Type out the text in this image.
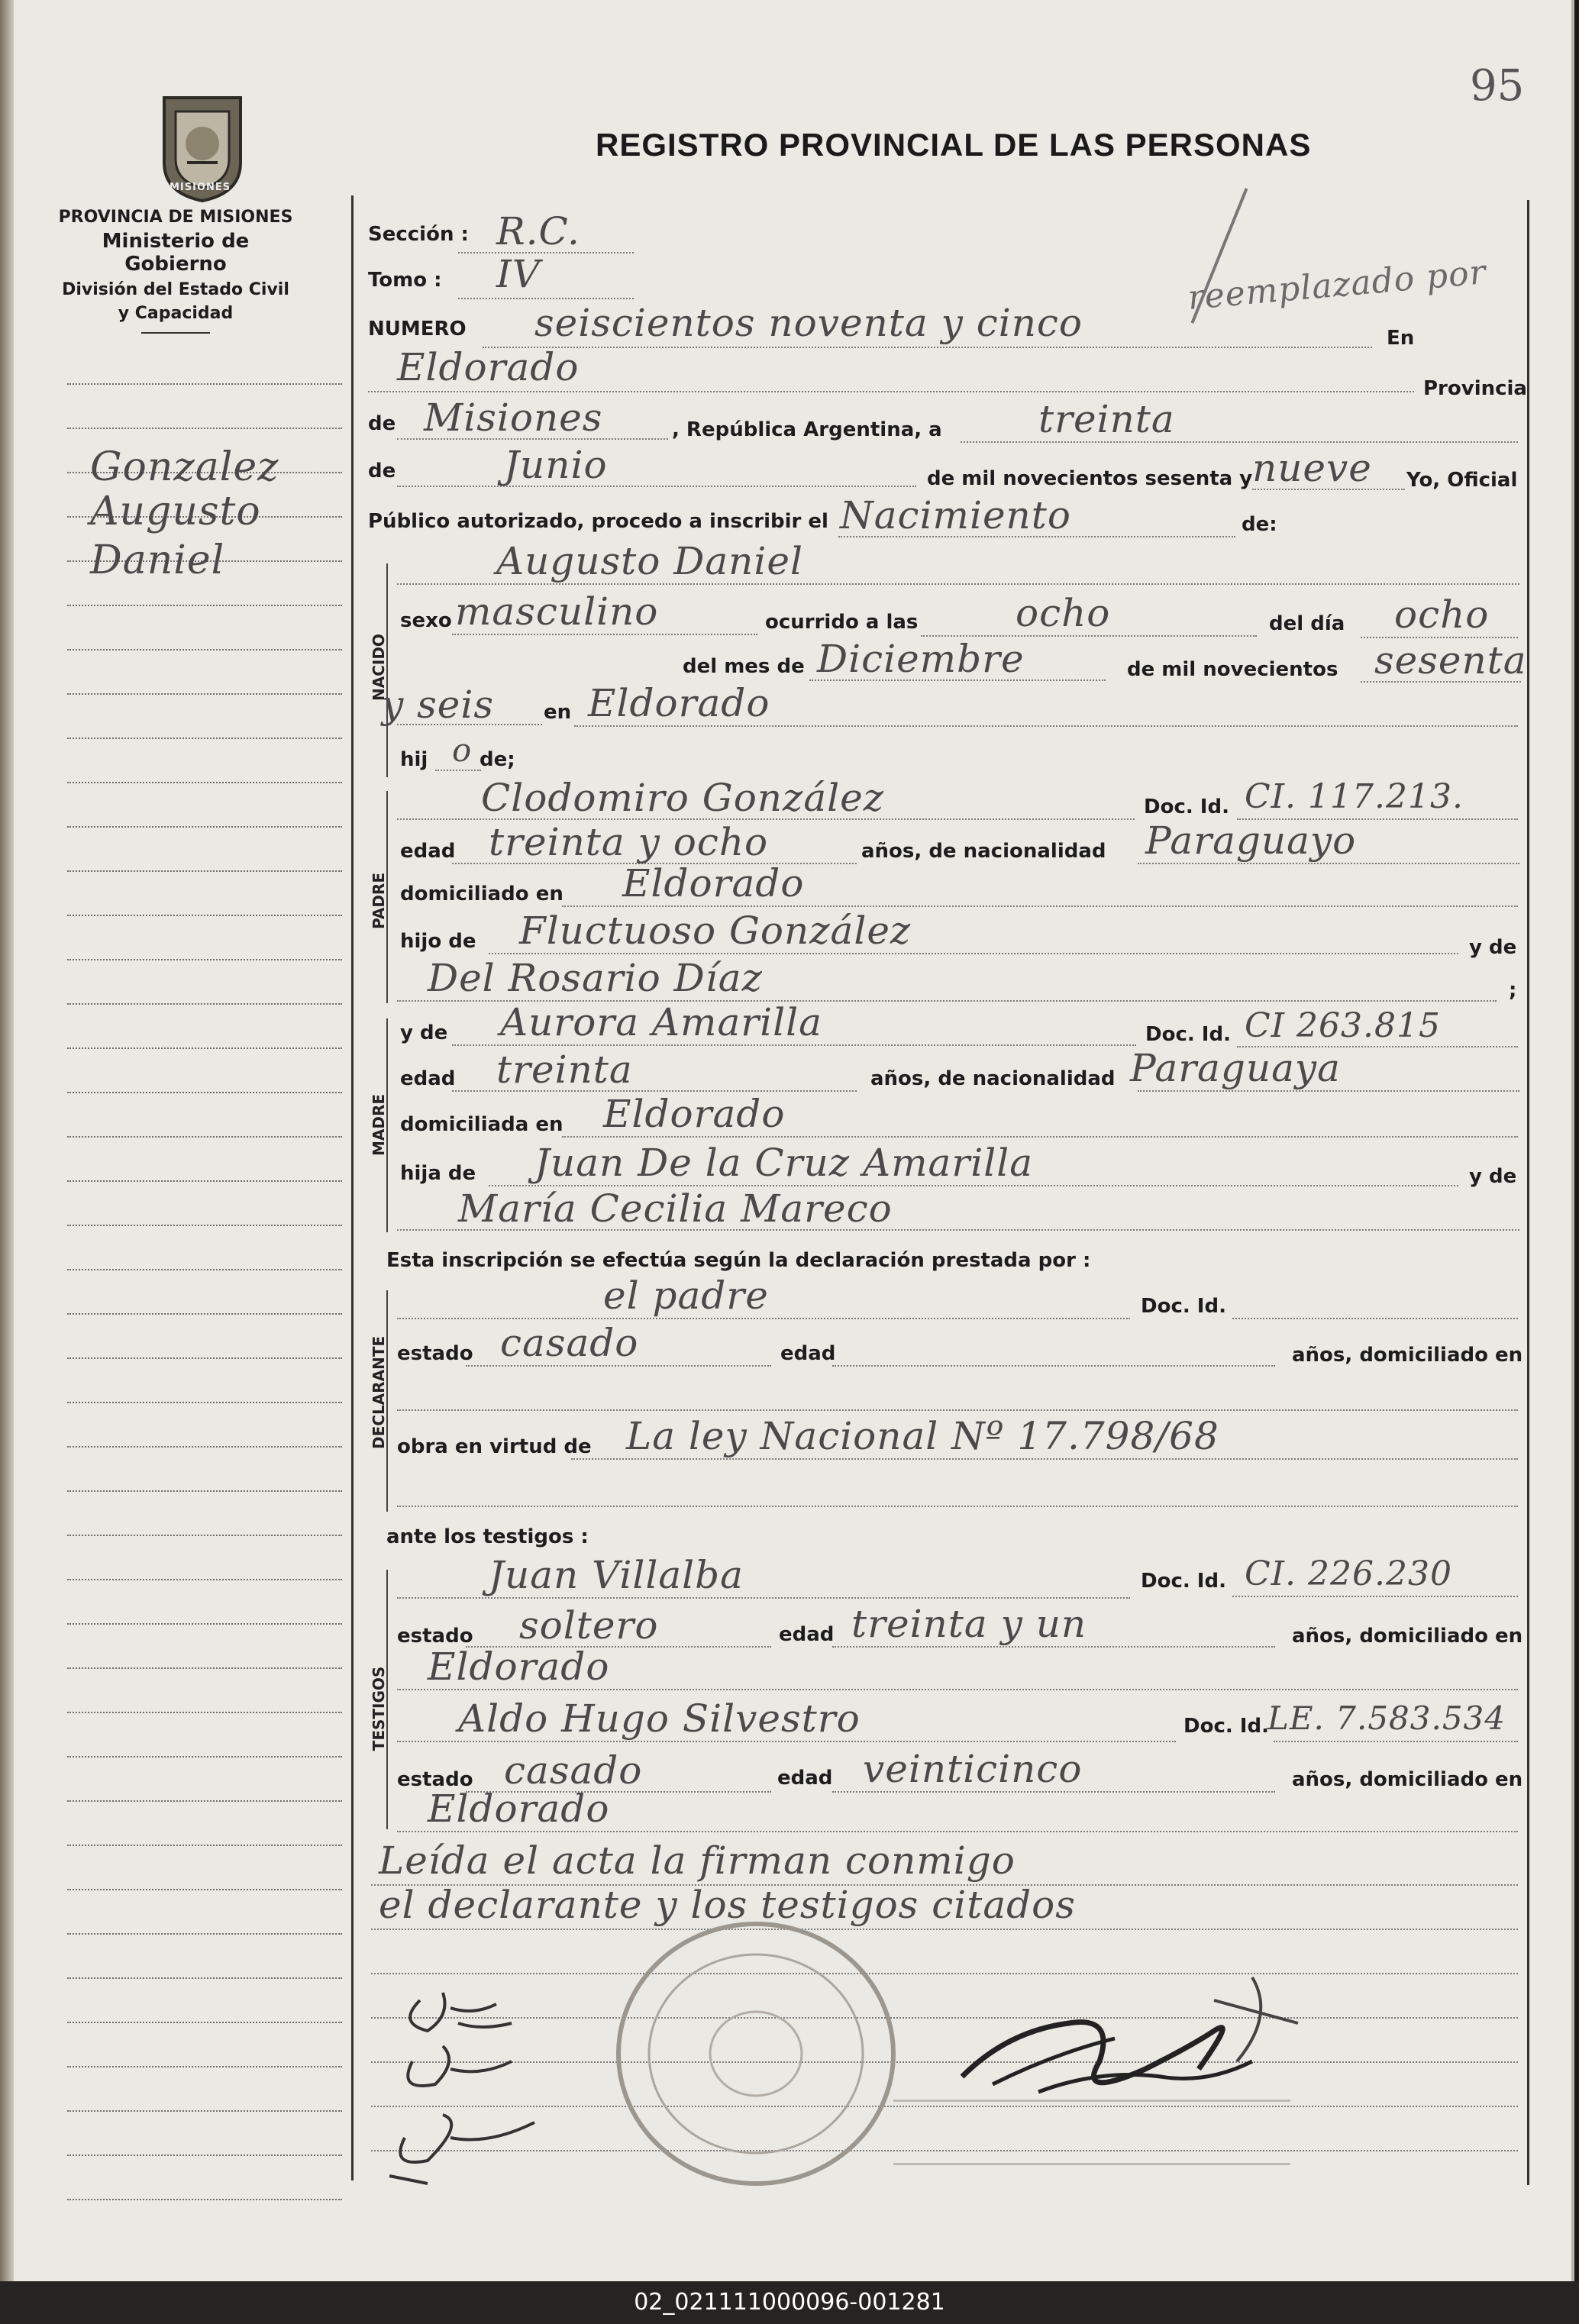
02_021111000096-001281
95
MISIONES
REGISTRO PROVINCIAL DE LAS PERSONAS
PROVINCIA DE MISIONES
Ministerio de Gobierno
División del Estado Civil
y Capacidad
Gonzalez
Augusto
Daniel
Sección : R.C.
Tomo : IV
NUMERO seiscientos noventa y cinco	En
reemplazado por
Eldorado	Provincia
de Misiones	, República Argentina, a	treinta
de	Junio	de mil novecientos sesenta y nueve Yo, Oficial
Público autorizado, procedo a inscribir el Nacimiento	de:
NACIDO
Augusto Daniel
sexo masculino	ocurrido a las	ocho	del día ocho
del mes de Diciembre	de mil novecientos sesenta
y seis en Eldorado
hij o de;
PADRE
Clodomiro González	Doc. Id. CI. 117.213.
edad treinta y ocho	años, de nacionalidad Paraguayo
domiciliado en Eldorado
hijo de Fluctuoso González	y de
Del Rosario Díaz	;
MADRE
y de Aurora Amarilla	Doc. Id. CI 263.815
edad treinta	años, de nacionalidad Paraguaya
domiciliada en Eldorado
hija de Juan De la Cruz Amarilla	y de
María Cecilia Mareco
Esta inscripción se efectúa según la declaración prestada por :
DECLARANTE
el padre	Doc. Id.
estado casado	edad	años, domiciliado en
obra en virtud de La ley Nacional Nº 17.798/68
ante los testigos :
TESTIGOS
Juan Villalba	Doc. Id. CI. 226.230
estado soltero	edad treinta y un	años, domiciliado en
Eldorado
Aldo Hugo Silvestro	Doc. Id.
LE. 7.583.534
estado casado	edad veinticinco	años, domiciliado en
Eldorado
Leída el acta la firman conmigo
el declarante y los testigos citados
